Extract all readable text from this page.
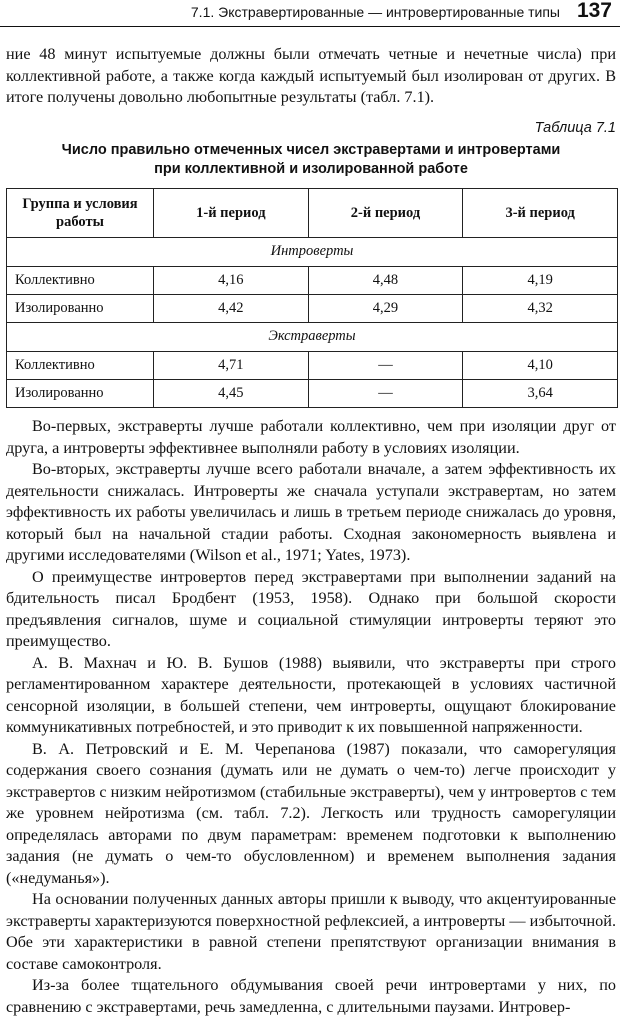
7.1. Экстравертированные — интровертированные типы 137

ние 48 минут испытуемые должны были отмечать четные и нечетные числа) при коллективной работе, а также когда каждый испытуемый был изолирован от других. В итоге получены довольно любопытные результаты (табл. 7.1).

Таблица 7.1
Число правильно отмеченных чисел экстравертами и интровертами
при коллективной и изолированной работе
Группа и условия работы	1-й период	2-й период	3-й период
Интроверты			
Коллективно	4,16	4,48	4,19
Изолированно	4,42	4,29	4,32
Экстраверты			
Коллективно	4,71	—	4,10
Изолированно	4,45	—	3,64

Во-первых, экстраверты лучше работали коллективно, чем при изоляции друг от друга, а интроверты эффективнее выполняли работу в условиях изоляции.

Во-вторых, экстраверты лучше всего работали вначале, а затем эффективность их деятельности снижалась. Интроверты же сначала уступали экстравертам, но затем эффективность их работы увеличилась и лишь в третьем периоде снижалась до уровня, который был на начальной стадии работы. Сходная закономерность выявлена и другими исследователями (Wilson et al., 1971; Yates, 1973).

О преимуществе интровертов перед экстравертами при выполнении заданий на бдительность писал Бродбент (1953, 1958). Однако при большой скорости предъявления сигналов, шуме и социальной стимуляции интроверты теряют это преимущество.

А. В. Махнач и Ю. В. Бушов (1988) выявили, что экстраверты при строго регламентированном характере деятельности, протекающей в условиях частичной сенсорной изоляции, в большей степени, чем интроверты, ощущают блокирование коммуникативных потребностей, и это приводит к их повышенной напряженности.

В. А. Петровский и Е. М. Черепанова (1987) показали, что саморегуляция содержания своего сознания (думать или не думать о чем-то) легче происходит у экстравертов с низким нейротизмом (стабильные экстраверты), чем у интровертов с тем же уровнем нейротизма (см. табл. 7.2). Легкость или трудность саморегуляции определялась авторами по двум параметрам: временем подготовки к выполнению задания (не думать о чем-то обусловленном) и временем выполнения задания («недуманья»).

На основании полученных данных авторы пришли к выводу, что акцентуированные экстраверты характеризуются поверхностной рефлексией, а интроверты — избыточной. Обе эти характеристики в равной степени препятствуют организации внимания в составе самоконтроля.

Из-за более тщательного обдумывания своей речи интровертами у них, по сравнению с экстравертами, речь замедленна, с длительными паузами. Интровер-
